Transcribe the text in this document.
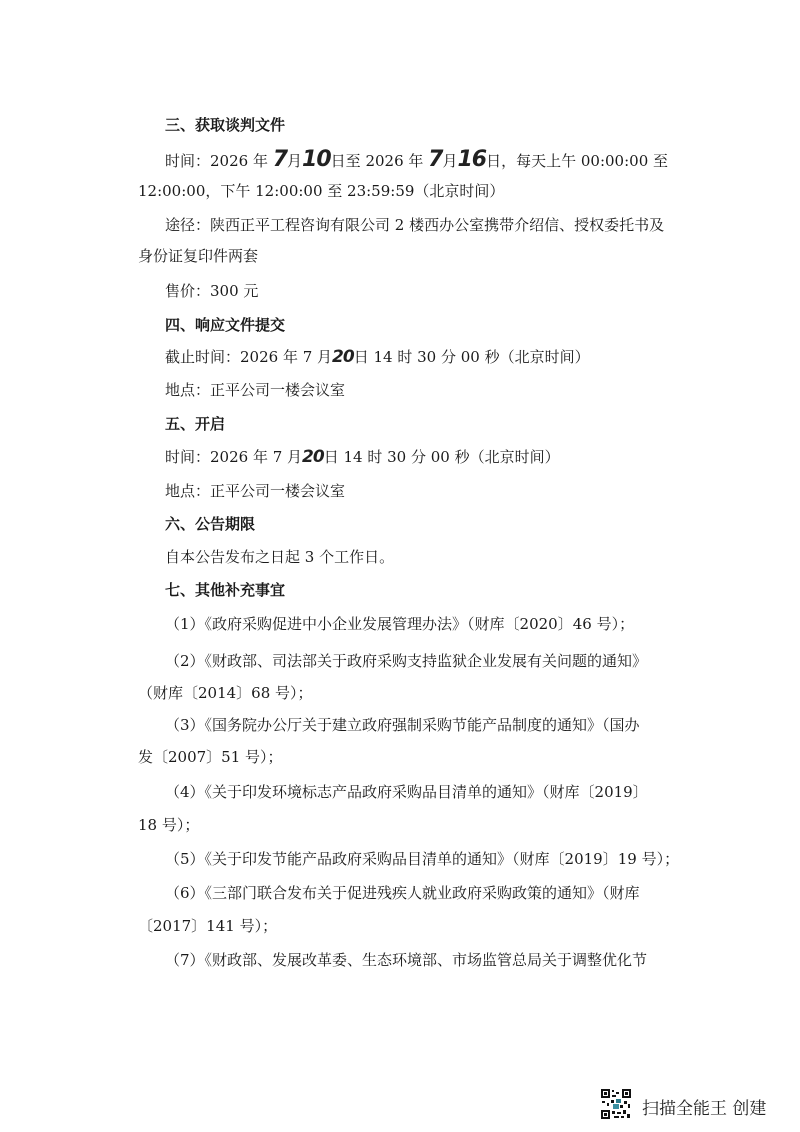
三、获取谈判文件
时间：2026 年 7月10日至 2026 年 7月16日，每天上午 00:00:00 至
12:00:00，下午 12:00:00 至 23:59:59（北京时间）
途径：陕西正平工程咨询有限公司 2 楼西办公室携带介绍信、授权委托书及
身份证复印件两套
售价：300 元
四、响应文件提交
截止时间：2026 年 7 月20日 14 时 30 分 00 秒（北京时间）
地点：正平公司一楼会议室
五、开启
时间：2026 年 7 月20日 14 时 30 分 00 秒（北京时间）
地点：正平公司一楼会议室
六、公告期限
自本公告发布之日起 3 个工作日。
七、其他补充事宜
（1）《政府采购促进中小企业发展管理办法》（财库〔2020〕46 号）；
（2）《财政部、司法部关于政府采购支持监狱企业发展有关问题的通知》
（财库〔2014〕68 号）；
（3）《国务院办公厅关于建立政府强制采购节能产品制度的通知》（国办
发〔2007〕51 号）；
（4）《关于印发环境标志产品政府采购品目清单的通知》（财库〔2019〕
18 号）；
（5）《关于印发节能产品政府采购品目清单的通知》（财库〔2019〕19 号）；
（6）《三部门联合发布关于促进残疾人就业政府采购政策的通知》（财库
〔2017〕141 号）；
（7）《财政部、发展改革委、生态环境部、市场监管总局关于调整优化节
扫描全能王 创建
